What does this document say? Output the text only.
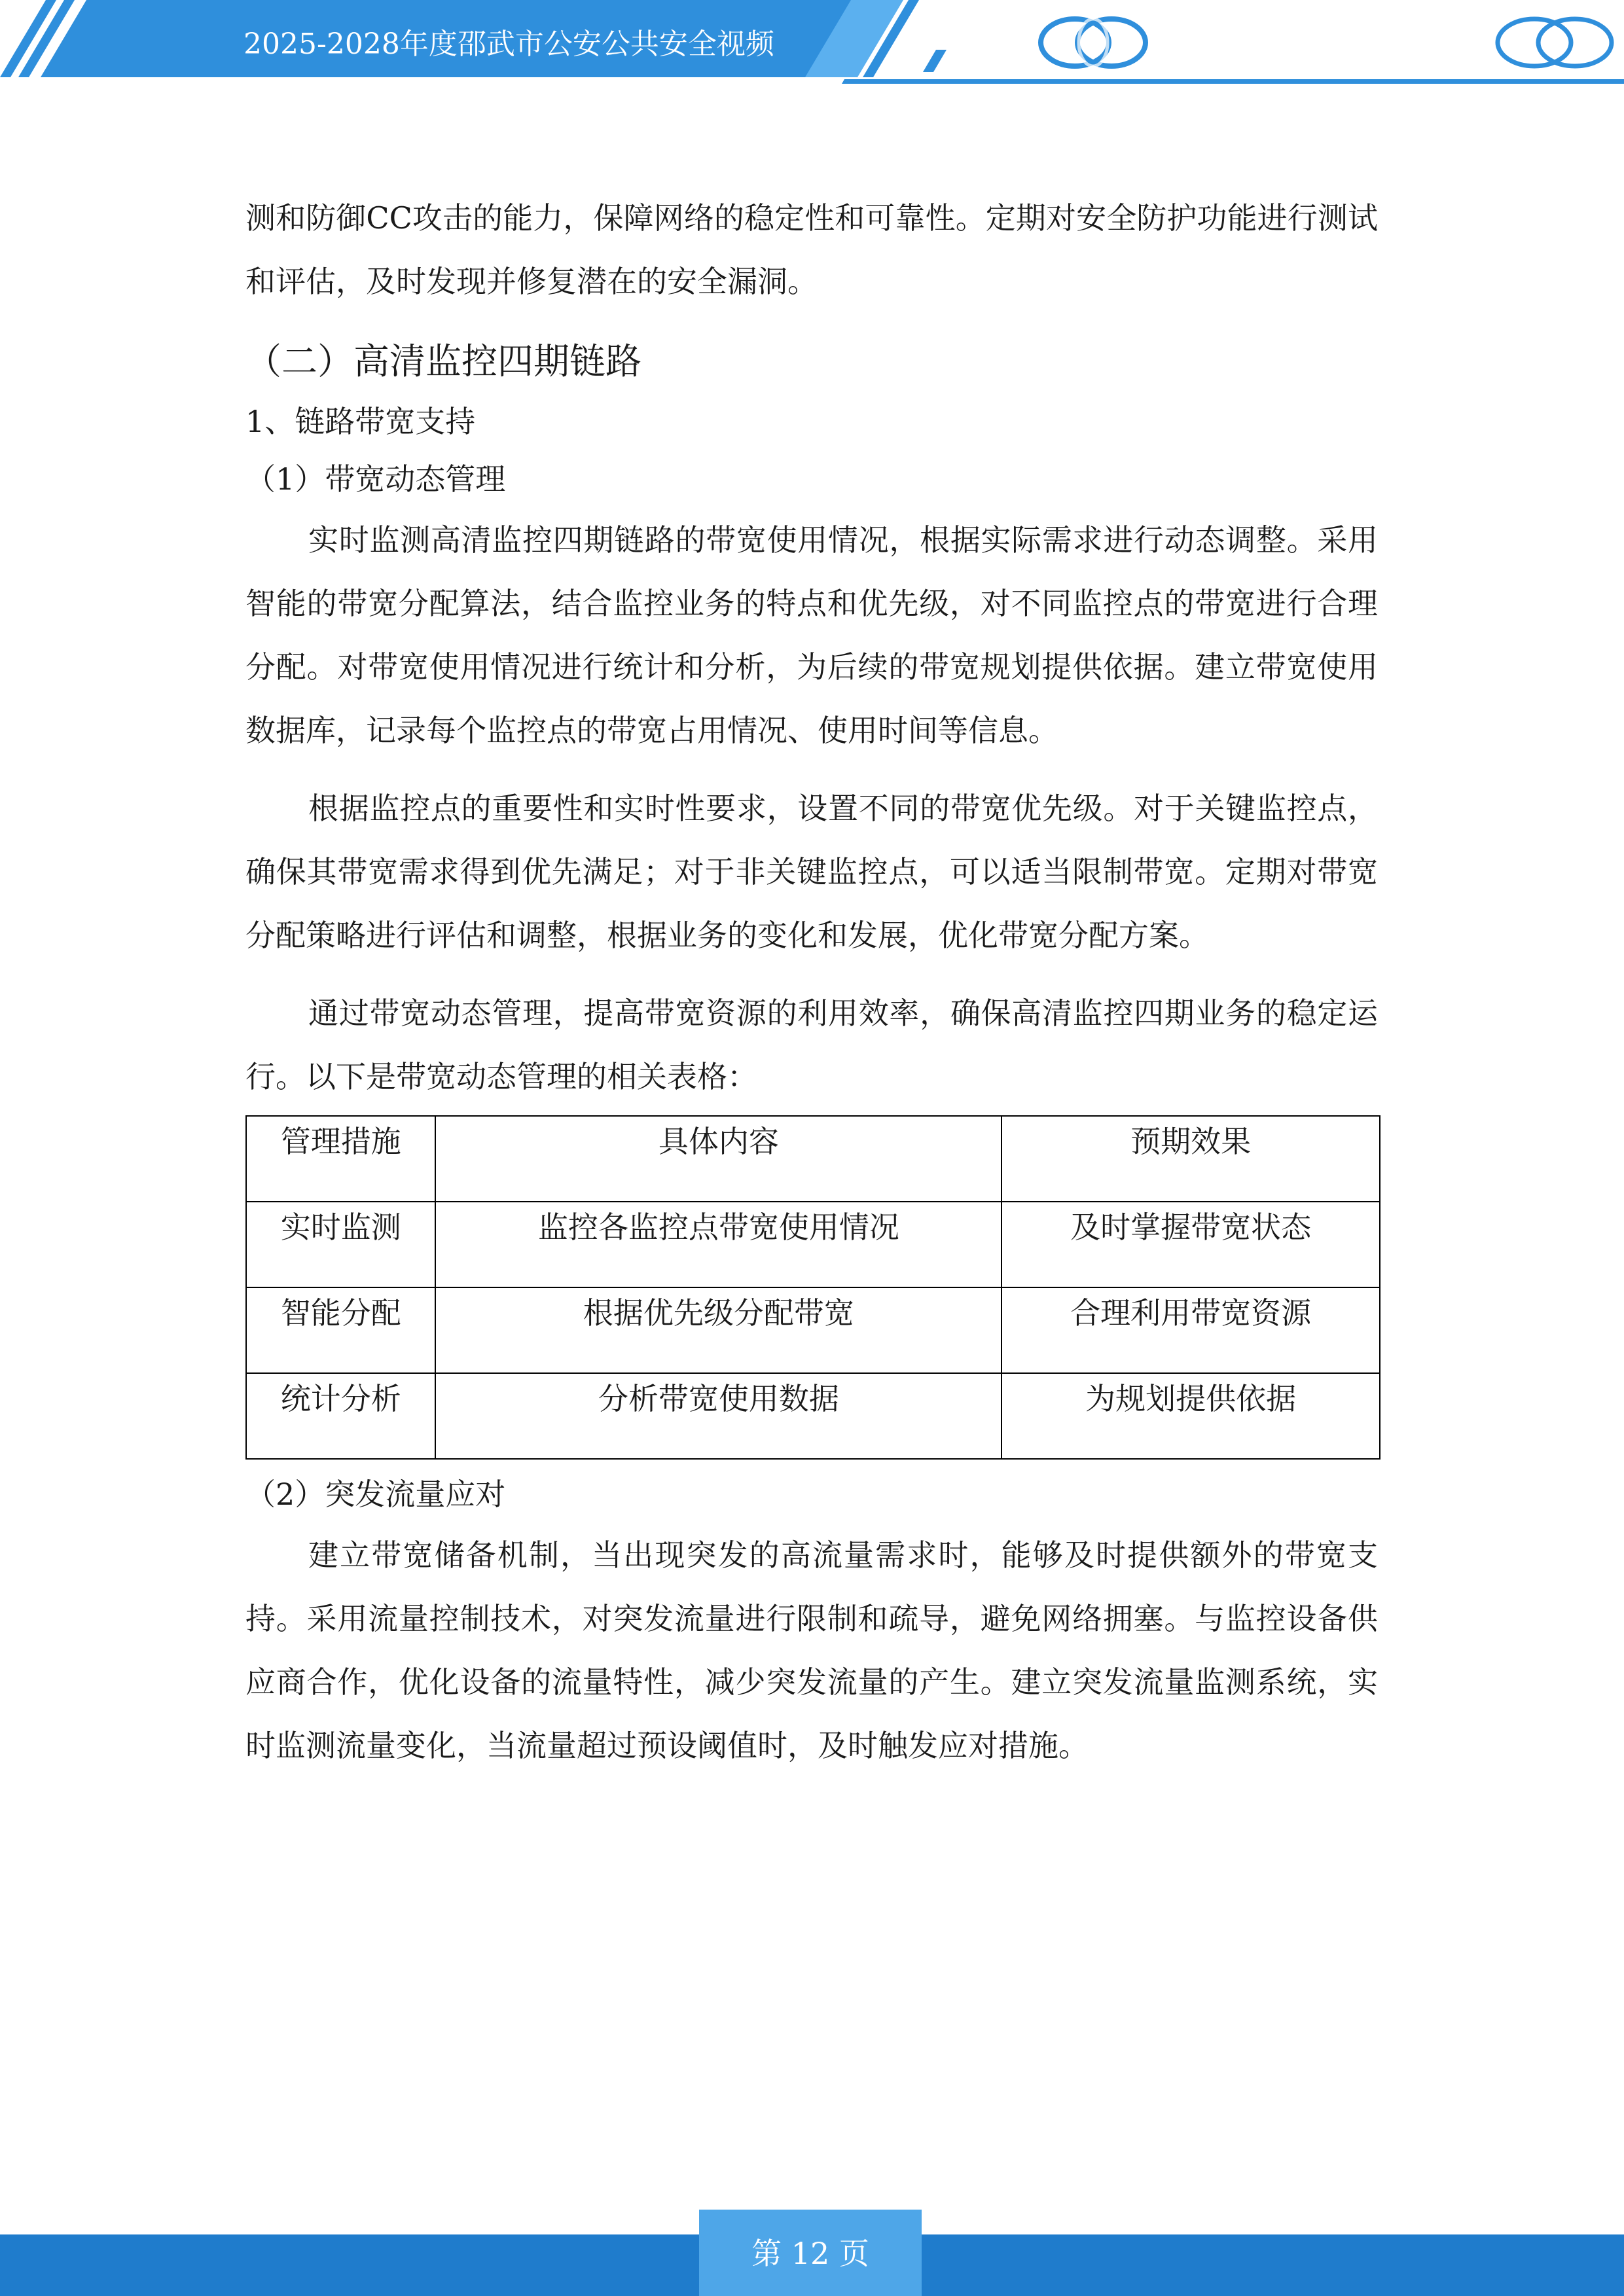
2025-2028年度邵武市公安公共安全视频

测和防御CC攻击的能力，保障网络的稳定性和可靠性。定期对安全防护功能进行测试和评估，及时发现并修复潜在的安全漏洞。

（二）高清监控四期链路
1、链路带宽支持
（1）带宽动态管理

实时监测高清监控四期链路的带宽使用情况，根据实际需求进行动态调整。采用智能的带宽分配算法，结合监控业务的特点和优先级，对不同监控点的带宽进行合理分配。对带宽使用情况进行统计和分析，为后续的带宽规划提供依据。建立带宽使用数据库，记录每个监控点的带宽占用情况、使用时间等信息。

根据监控点的重要性和实时性要求，设置不同的带宽优先级。对于关键监控点，确保其带宽需求得到优先满足；对于非关键监控点，可以适当限制带宽。定期对带宽分配策略进行评估和调整，根据业务的变化和发展，优化带宽分配方案。

通过带宽动态管理，提高带宽资源的利用效率，确保高清监控四期业务的稳定运行。以下是带宽动态管理的相关表格：

管理措施	具体内容	预期效果
实时监测	监控各监控点带宽使用情况	及时掌握带宽状态
智能分配	根据优先级分配带宽	合理利用带宽资源
统计分析	分析带宽使用数据	为规划提供依据
（2）突发流量应对

建立带宽储备机制，当出现突发的高流量需求时，能够及时提供额外的带宽支持。采用流量控制技术，对突发流量进行限制和疏导，避免网络拥塞。与监控设备供应商合作，优化设备的流量特性，减少突发流量的产生。建立突发流量监测系统，实时监测流量变化，当流量超过预设阈值时，及时触发应对措施。

第 12 页
